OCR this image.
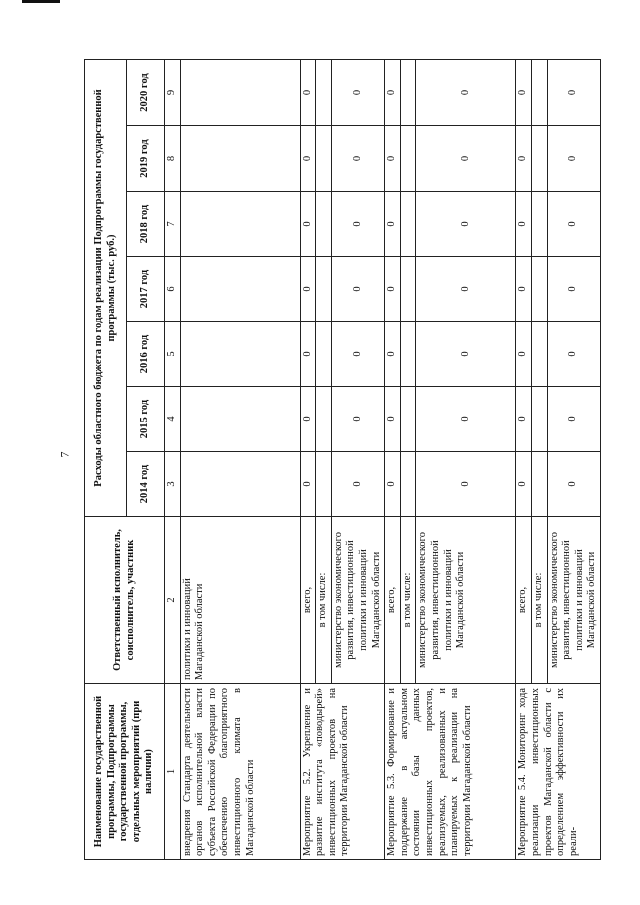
7
Наименование государственной программы, Подпрограммы государственной программы, отдельных мероприятий (при наличии)	Ответственный исполнитель, соисполнитель, участник	Расходы областного бюджета по годам реализации Подпрограммы государственной программы (тыс. руб.)						
		2014 год	2015 год	2016 год	2017 год	2018 год	2019 год	2020 год
1	2	3	4	5	6	7	8	9
внедрения Стандарта деятельности органов исполнительной власти субъекта Российской Федерации по обеспечению благоприятного инвестиционного климата в Магаданской области	политики и инноваций Магаданской области							
Мероприятие 5.2. Укрепление и развитие института «поводырей» инвестиционных проектов на территории Магаданской области	всего,	0	0	0	0	0	0	0
	в том числе:							
	министерство экономического развития, инвестиционной политики и инноваций Магаданской области	0	0	0	0	0	0	0
Мероприятие 5.3. Формирование и поддержание в актуальном состоянии базы данных инвестиционных проектов, реализуемых, реализованных и планируемых к реализации на территории Магаданской области	всего,	0	0	0	0	0	0	0
	в том числе:							
	министерство экономического развития, инвестиционной политики и инноваций Магаданской области	0	0	0	0	0	0	0
Мероприятие 5.4. Мониторинг хода реализации инвестиционных проектов Магаданской области с определением эффективности их реали-	всего,	0	0	0	0	0	0	0
	в том числе:							
	министерство экономического развития, инвестиционной политики и инноваций Магаданской области	0	0	0	0	0	0	0
